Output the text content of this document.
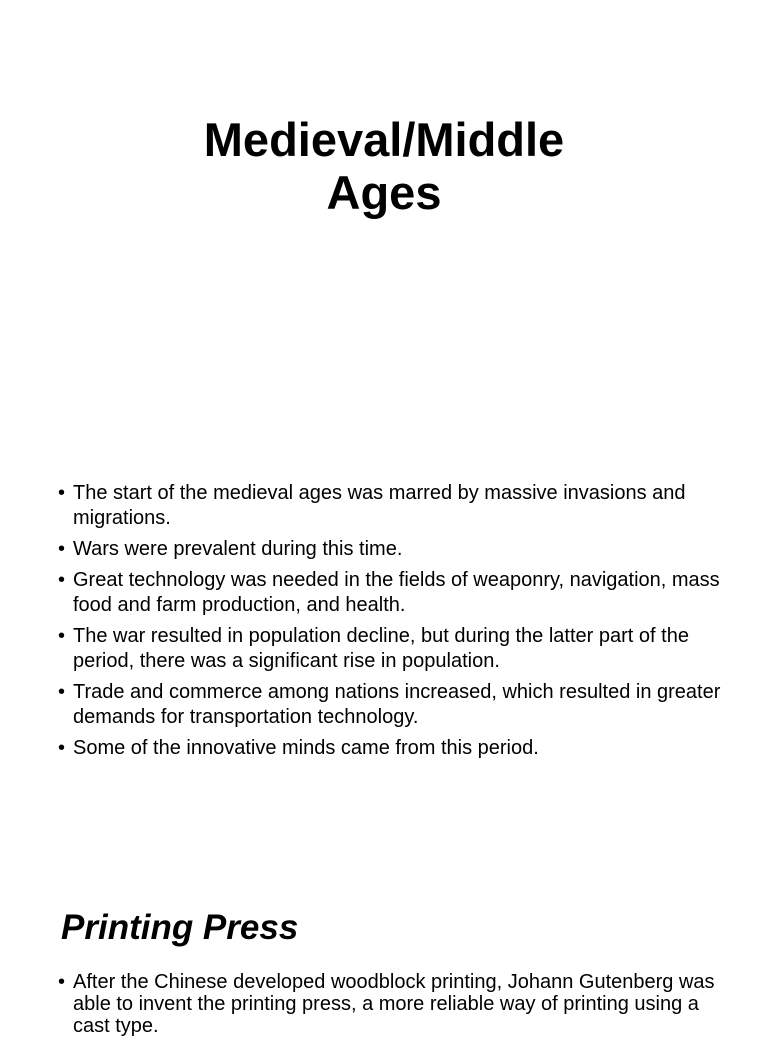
Medieval/Middle
Ages
• The start of the medieval ages was marred by massive invasions and migrations.
• Wars were prevalent during this time.
• Great technology was needed in the fields of weaponry, navigation, mass food and farm production, and health.
• The war resulted in population decline, but during the latter part of the period, there was a significant rise in population.
• Trade and commerce among nations increased, which resulted in greater demands for transportation technology.
• Some of the innovative minds came from this period.
Printing Press
• After the Chinese developed woodblock printing, Johann Gutenberg was able to invent the printing press, a more reliable way of printing using a cast type.
